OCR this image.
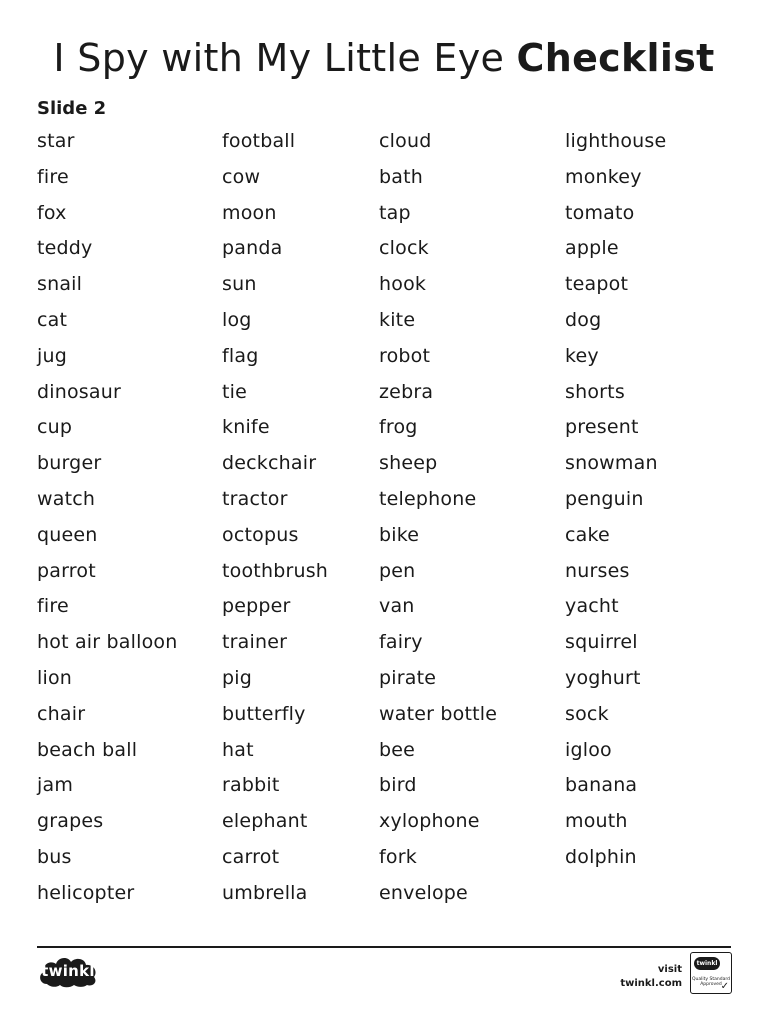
I Spy with My Little Eye Checklist
Slide 2
star
fire
fox
teddy
snail
cat
jug
dinosaur
cup
burger
watch
queen
parrot
fire
hot air balloon
lion
chair
beach ball
jam
grapes
bus
helicopter
football
cow
moon
panda
sun
log
flag
tie
knife
deckchair
tractor
octopus
toothbrush
pepper
trainer
pig
butterfly
hat
rabbit
elephant
carrot
umbrella
cloud
bath
tap
clock
hook
kite
robot
zebra
frog
sheep
telephone
bike
pen
van
fairy
pirate
water bottle
bee
bird
xylophone
fork
envelope
lighthouse
monkey
tomato
apple
teapot
dog
key
shorts
present
snowman
penguin
cake
nurses
yacht
squirrel
yoghurt
sock
igloo
banana
mouth
dolphin
twinkl	visit twinkl.com
twinkl
Quality Standard Approved
✓
